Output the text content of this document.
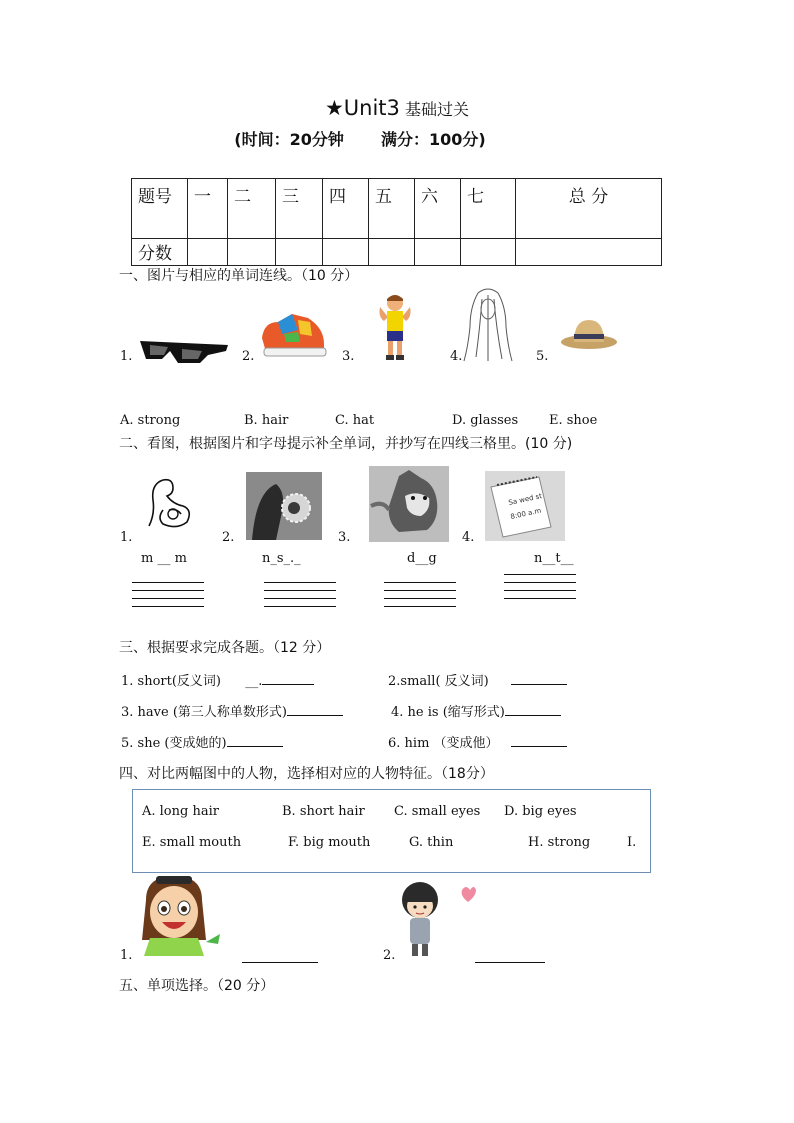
★Unit3 基础过关
(时间：20分钟 满分：100分)
题号	一	二	三	四	五	六	七	总 分
分数								
一、图片与相应的单词连线。（10 分）
1.	2.	3.	4.	5.
A. strong	B. hair	C. hat	D. glasses E. shoe
二、看图，根据图片和字母提示补全单词，并抄写在四线三格里。(10 分)
1.	2.	3.	4.
Sa wed st
8:00 a.m
m __ m	n_s_._	d__g	n__t__
三、根据要求完成各题。（12 分）
1. short(反义词) __.	2.small( 反义词)
3. have (第三人称单数形式)	4. he is (缩写形式)
5. she (变成她的)	6. him （变成他）
四、对比两幅图中的人物，选择相对应的人物特征。（18分）
A. long hair	B. short hair C. small eyes D. big eyes
E. small mouth	F. big mouth	G. thin	H. strong	I.
1.	2.
五、单项选择。（20 分）
